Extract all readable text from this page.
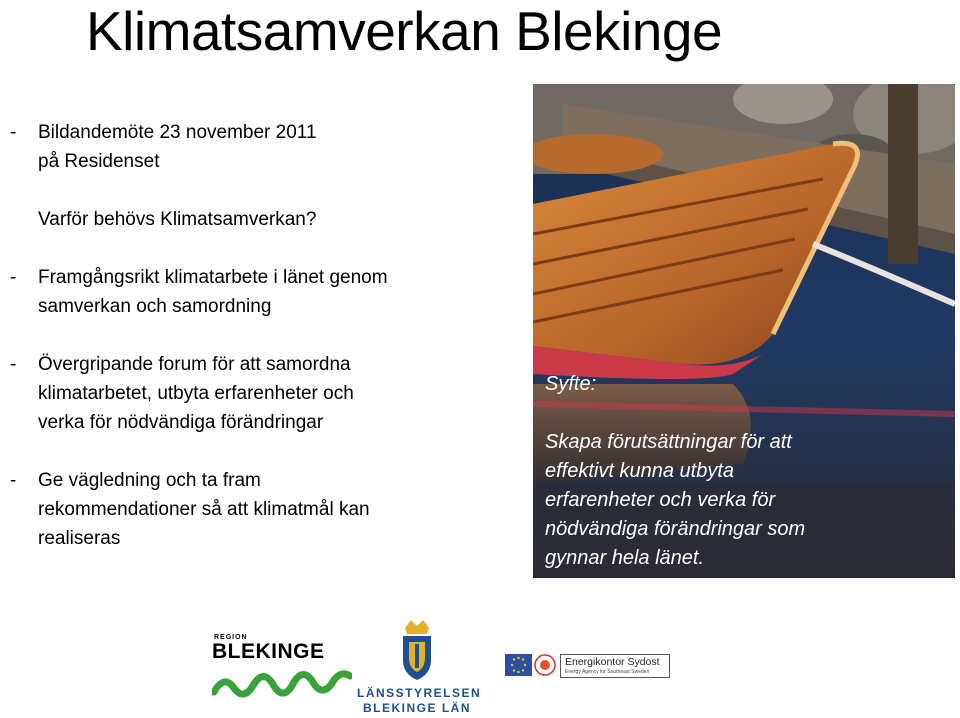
Klimatsamverkan Blekinge
- Bildandemöte 23 november 2011
på Residenset
Varför behövs Klimatsamverkan?
- Framgångsrikt klimatarbete i länet genom
samverkan och samordning
- Övergripande forum för att samordna
klimatarbetet, utbyta erfarenheter och
verka för nödvändiga förändringar
- Ge vägledning och ta fram
rekommendationer så att klimatmål kan
realiseras
Syfte:
Skapa förutsättningar för att
effektivt kunna utbyta
erfarenheter och verka för
nödvändiga förändringar som
gynnar hela länet.
REGION
BLEKINGE
LÄNSSTYRELSEN
BLEKINGE LÄN
Energikontor Sydost
Energy Agency for Southeast Sweden
